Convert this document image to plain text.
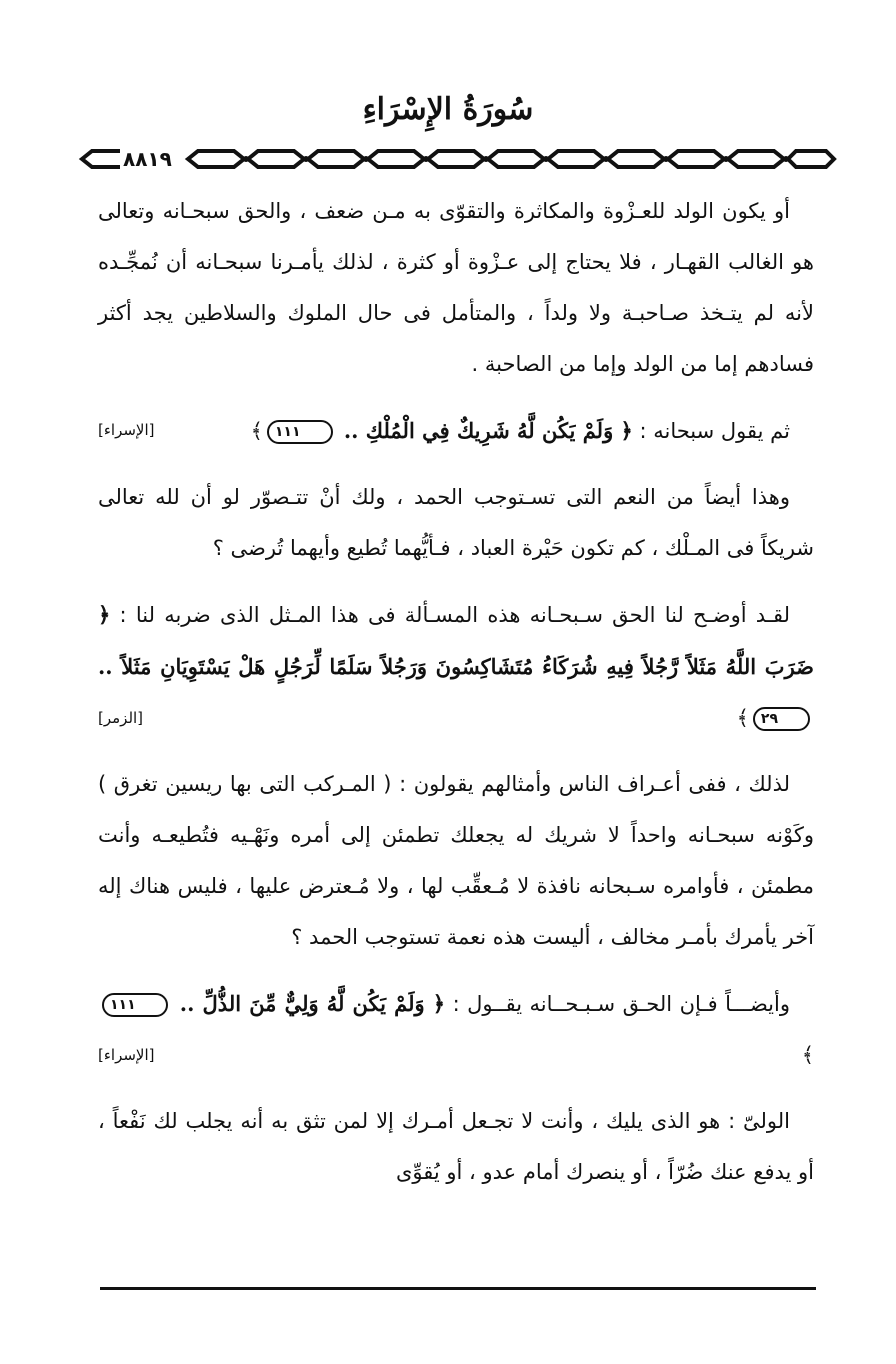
سُورَةُ الإِسْرَاءِ
٨٨١٩

أو يكون الولد للعـزْوة والمكاثرة والتقوّى به مـن ضعف ، والحق سبحـانه وتعالى هو الغالب القهـار ، فلا يحتاج إلى عـزْوة أو كثرة ، لذلك يأمـرنا سبحـانه أن نُمجِّـده لأنه لم يتـخذ صـاحبـة ولا ولداً ، والمتأمل فى حال الملوك والسلاطين يجد أكثر فسادهم إما من الولد وإما من الصاحبة .

ثم يقول سبحانه : ﴿ وَلَمْ يَكُن لَّهُ شَرِيكٌ فِي الْمُلْكِ .. ١١١﴾
[الإسراء]

وهذا أيضاً من النعم التى تسـتوجب الحمد ، ولك أنْ تتـصوّر لو أن لله تعالى شريكاً فى المـلْك ، كم تكون حَيْرة العباد ، فـأيُّهما تُطيع وأيهما تُرضى ؟

لقـد أوضـح لنا الحق سـبحـانه هذه المسـألة فى هذا المـثل الذى ضربه لنا : ﴿ ضَرَبَ اللَّهُ مَثَلاً رَّجُلاً فِيهِ شُرَكَاءُ مُتَشَاكِسُونَ وَرَجُلاً سَلَمًا لِّرَجُلٍ هَلْ يَسْتَوِيَانِ مَثَلاً .. ٢٩﴾
[الزمر]

لذلك ، ففى أعـراف الناس وأمثالهم يقولون : ( المـركب التى بها ريسين تغرق ) وكَوْنه سبحـانه واحداً لا شريك له يجعلك تطمئن إلى أمره ونَهْـيه فتُطيعـه وأنت مطمئن ، فأوامره سـبحانه نافذة لا مُـعقِّب لها ، ولا مُـعترض عليها ، فليس هناك إله آخر يأمرك بأمـر مخالف ، أليست هذه نعمة تستوجب الحمد ؟

وأيضـــاً فـإن الحـق سـبـحــانه يقــول : ﴿ وَلَمْ يَكُن لَّهُ وَلِيٌّ مِّنَ الذُّلِّ .. ١١١﴾
[الإسراء]

الولىّ : هو الذى يليك ، وأنت لا تجـعل أمـرك إلا لمن تثق به أنه يجلب لك نَفْعاً ، أو يدفع عنك ضُرّاً ، أو ينصرك أمام عدو ، أو يُقوِّى
